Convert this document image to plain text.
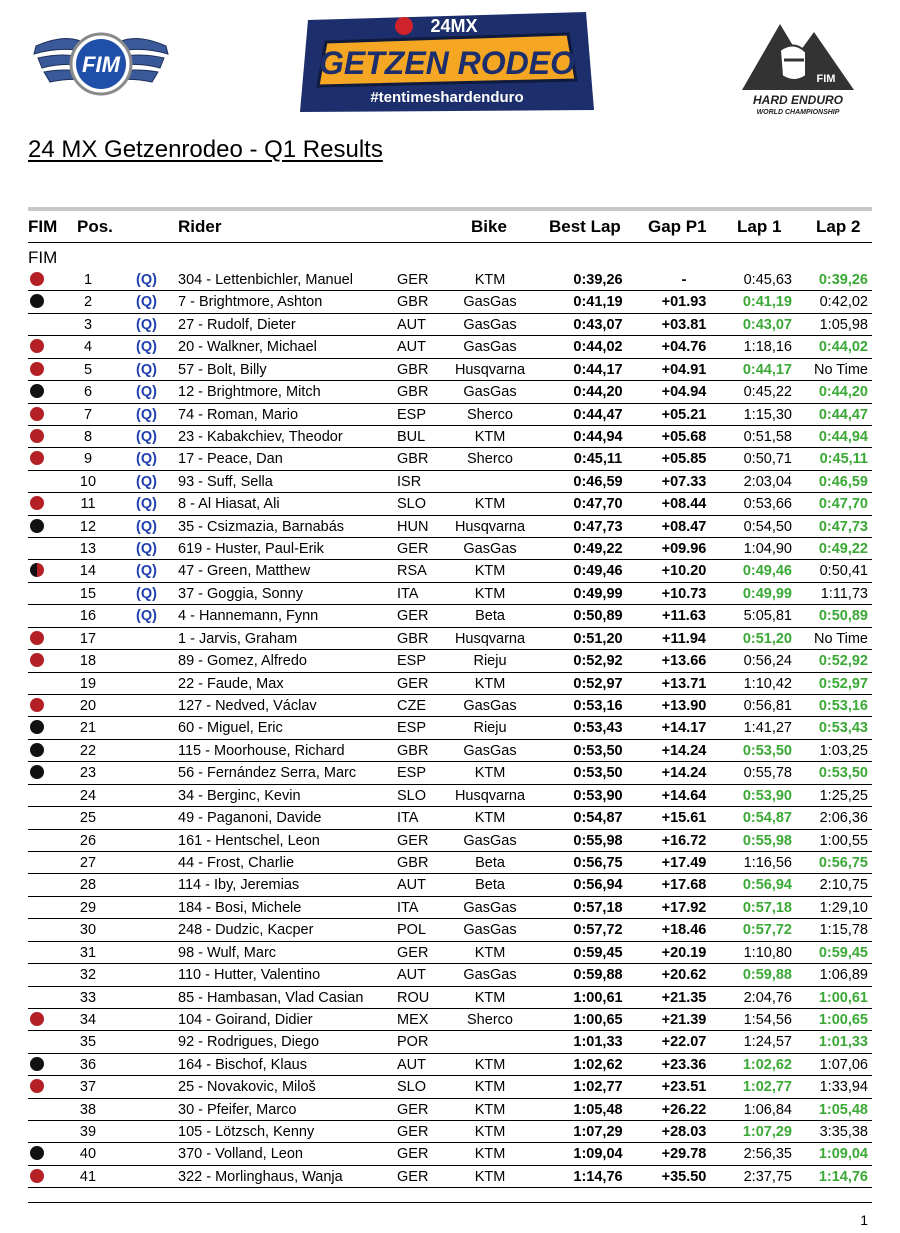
FIM
24MX
GETZEN RODEO
#tentimeshardenduro
FIM
HARD ENDURO
WORLD CHAMPIONSHIP
24 MX Getzenrodeo - Q1 Results
FIM Pos.	Rider	Bike Best Lap Gap P1 Lap 1 Lap 2
FIM
1	(Q) 304 - Lettenbichler, Manuel	GER	KTM	0:39,26	-	0:45,63	0:39,26
2	(Q) 7 - Brightmore, Ashton	GBR	GasGas	0:41,19	+01.93	0:41,19	0:42,02
3	(Q) 27 - Rudolf, Dieter	AUT	GasGas	0:43,07	+03.81	0:43,07	1:05,98
4	(Q) 20 - Walkner, Michael	AUT	GasGas	0:44,02	+04.76	1:18,16	0:44,02
5	(Q) 57 - Bolt, Billy	GBR	Husqvarna	0:44,17	+04.91	0:44,17	No Time
6	(Q) 12 - Brightmore, Mitch	GBR	GasGas	0:44,20	+04.94	0:45,22	0:44,20
7	(Q) 74 - Roman, Mario	ESP	Sherco	0:44,47	+05.21	1:15,30	0:44,47
8	(Q) 23 - Kabakchiev, Theodor	BUL	KTM	0:44,94	+05.68	0:51,58	0:44,94
9	(Q) 17 - Peace, Dan	GBR	Sherco	0:45,11	+05.85	0:50,71	0:45,11
10	(Q) 93 - Suff, Sella	ISR	0:46,59	+07.33	2:03,04	0:46,59
11	(Q) 8 - Al Hiasat, Ali	SLO	KTM	0:47,70	+08.44	0:53,66	0:47,70
12	(Q) 35 - Csizmazia, Barnabás	HUN	Husqvarna	0:47,73	+08.47	0:54,50	0:47,73
13	(Q) 619 - Huster, Paul-Erik	GER	GasGas	0:49,22	+09.96	1:04,90	0:49,22
14	(Q) 47 - Green, Matthew	RSA	KTM	0:49,46	+10.20	0:49,46	0:50,41
15	(Q) 37 - Goggia, Sonny	ITA	KTM	0:49,99	+10.73	0:49,99	1:11,73
16	(Q) 4 - Hannemann, Fynn	GER	Beta	0:50,89	+11.63	5:05,81	0:50,89
17	1 - Jarvis, Graham	GBR	Husqvarna	0:51,20	+11.94	0:51,20	No Time
18	89 - Gomez, Alfredo	ESP	Rieju	0:52,92	+13.66	0:56,24	0:52,92
19	22 - Faude, Max	GER	KTM	0:52,97	+13.71	1:10,42	0:52,97
20	127 - Nedved, Václav	CZE	GasGas	0:53,16	+13.90	0:56,81	0:53,16
21	60 - Miguel, Eric	ESP	Rieju	0:53,43	+14.17	1:41,27	0:53,43
22	115 - Moorhouse, Richard	GBR	GasGas	0:53,50	+14.24	0:53,50	1:03,25
23	56 - Fernández Serra, Marc	ESP	KTM	0:53,50	+14.24	0:55,78	0:53,50
24	34 - Berginc, Kevin	SLO	Husqvarna	0:53,90	+14.64	0:53,90	1:25,25
25	49 - Paganoni, Davide	ITA	KTM	0:54,87	+15.61	0:54,87	2:06,36
26	161 - Hentschel, Leon	GER	GasGas	0:55,98	+16.72	0:55,98	1:00,55
27	44 - Frost, Charlie	GBR	Beta	0:56,75	+17.49	1:16,56	0:56,75
28	114 - Iby, Jeremias	AUT	Beta	0:56,94	+17.68	0:56,94	2:10,75
29	184 - Bosi, Michele	ITA	GasGas	0:57,18	+17.92	0:57,18	1:29,10
30	248 - Dudzic, Kacper	POL	GasGas	0:57,72	+18.46	0:57,72	1:15,78
31	98 - Wulf, Marc	GER	KTM	0:59,45	+20.19	1:10,80	0:59,45
32	110 - Hutter, Valentino	AUT	GasGas	0:59,88	+20.62	0:59,88	1:06,89
33	85 - Hambasan, Vlad Casian ROU	KTM	1:00,61	+21.35	2:04,76	1:00,61
34	104 - Goirand, Didier	MEX	Sherco	1:00,65	+21.39	1:54,56	1:00,65
35	92 - Rodrigues, Diego	POR	1:01,33	+22.07	1:24,57	1:01,33
36	164 - Bischof, Klaus	AUT	KTM	1:02,62	+23.36	1:02,62	1:07,06
37	25 - Novakovic, Miloš	SLO	KTM	1:02,77	+23.51	1:02,77	1:33,94
38	30 - Pfeifer, Marco	GER	KTM	1:05,48	+26.22	1:06,84	1:05,48
39	105 - Lötzsch, Kenny	GER	KTM	1:07,29	+28.03	1:07,29	3:35,38
40	370 - Volland, Leon	GER	KTM	1:09,04	+29.78	2:56,35	1:09,04
41	322 - Morlinghaus, Wanja	GER	KTM	1:14,76	+35.50	2:37,75	1:14,76
1
